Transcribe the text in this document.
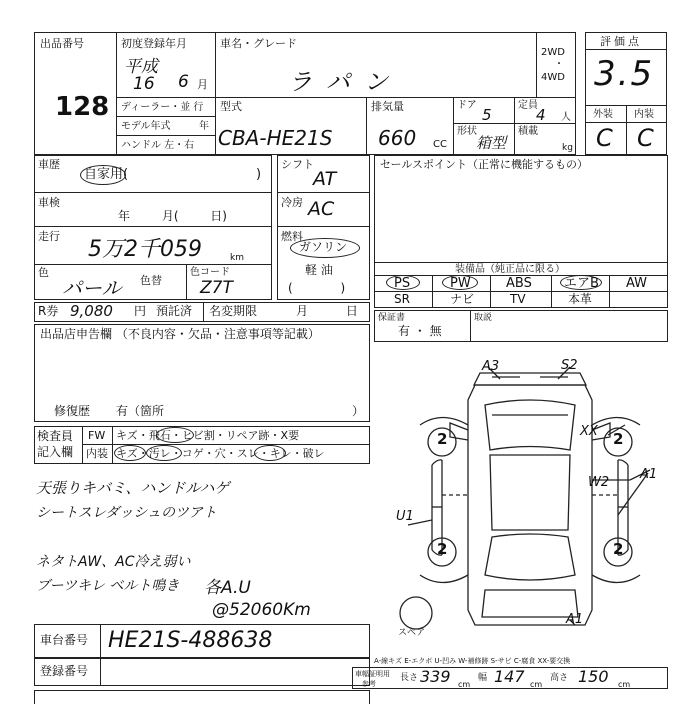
出品番号
128
初度登録年月
平成
16 6 月
ディーラー・並 行
モデル年式	年
ハンドル 左・右
車名・グレード
ラパン
型式
CBA-HE21S
排気量
660 CC
ドア
5
定員
4 人
形状
箱型
積載
kg
2WD
・
4WD
評価点
3.5
外装 内装
C C
車歴
自家用(	)
車検
年 月( 日)
走行
5万2千059	km
色
パール 色替
色コード
Z7T
シフト
AT
冷房 AC
燃料
ガソリン
軽 油
( )
セールスポイント（正常に機能するもの）
装備品（純正品に限る）
PS	PW	ABS エアB AW
SR	ナビ	TV	本革
R券 9,080 円 預託済 名変期限	月 日 保証書
有 ・ 無
取説
出品店申告欄 （不良内容・欠品・注意事項等記載）
修復歴 有（箇所	）
検査員
記入欄
FW キズ・飛石・ヒビ割・リペア跡・X要
内装 キズ・汚レ・コゲ・穴・スレ・キレ・破レ
天張りキバミ、ハンドルハゲ
シートスレダッシュのツアト
ネタトAW、AC冷え弱い
ブーツキレ ベルト鳴き 各A.U
@52060Km
車台番号 HE21S-488638
登録番号
A3	S2
XX
W2
A1
U1
A1
2	2
2	2
スペア
A-線キズ E-エクボ U-凹み W-補修跡 S-サビ C-腐食 XX-要交換
車幅証明用
参考
長さ 339 cm
幅 147 cm
高さ 150 cm
